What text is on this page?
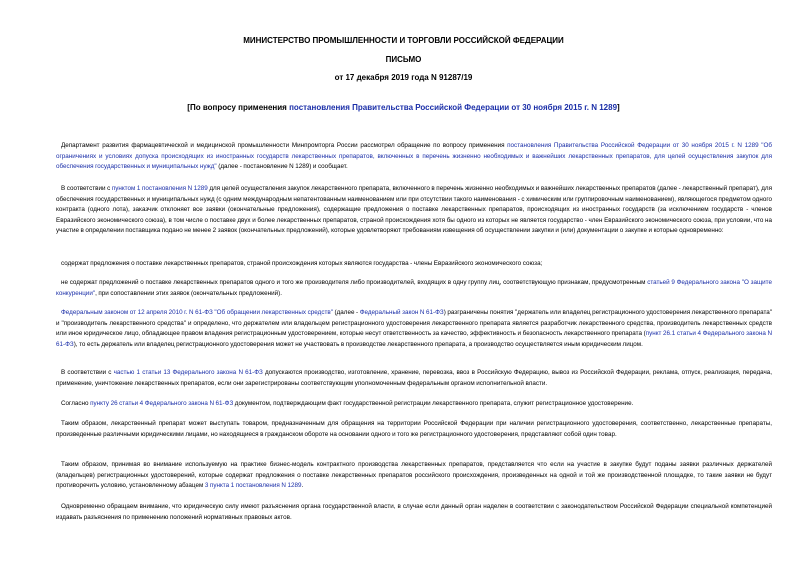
МИНИСТЕРСТВО ПРОМЫШЛЕННОСТИ И ТОРГОВЛИ РОССИЙСКОЙ ФЕДЕРАЦИИ
ПИСЬМО
от 17 декабря 2019 года N 91287/19
[По вопросу применения постановления Правительства Российской Федерации от 30 ноября 2015 г. N 1289]
Департамент развития фармацевтической и медицинской промышленности Минпромторга России рассмотрел обращение по вопросу применения постановления Правительства Российской Федерации от 30 ноября 2015 г. N 1289 "Об ограничениях и условиях допуска происходящих из иностранных государств лекарственных препаратов, включенных в перечень жизненно необходимых и важнейших лекарственных препаратов, для целей осуществления закупок для обеспечения государственных и муниципальных нужд" (далее - постановление N 1289) и сообщает.
В соответствии с пунктом 1 постановления N 1289 для целей осуществления закупок лекарственного препарата, включенного в перечень жизненно необходимых и важнейших лекарственных препаратов (далее - лекарственный препарат), для обеспечения государственных и муниципальных нужд (с одним международным непатентованным наименованием или при отсутствии такого наименования - с химическим или группировочным наименованием), являющегося предметом одного контракта (одного лота), заказчик отклоняет все заявки (окончательные предложения), содержащие предложения о поставке лекарственных препаратов, происходящих из иностранных государств (за исключением государств - членов Евразийского экономического союза), в том числе о поставке двух и более лекарственных препаратов, страной происхождения хотя бы одного из которых не является государство - член Евразийского экономического союза, при условии, что на участие в определении поставщика подано не менее 2 заявок (окончательных предложений), которые удовлетворяют требованиям извещения об осуществлении закупки и (или) документации о закупке и которые одновременно:
содержат предложения о поставке лекарственных препаратов, страной происхождения которых являются государства - члены Евразийского экономического союза;
не содержат предложений о поставке лекарственных препаратов одного и того же производителя либо производителей, входящих в одну группу лиц, соответствующую признакам, предусмотренным статьей 9 Федерального закона "О защите конкуренции", при сопоставлении этих заявок (окончательных предложений).
Федеральным законом от 12 апреля 2010 г. N 61-ФЗ "Об обращении лекарственных средств" (далее - Федеральный закон N 61-ФЗ) разграничены понятия "держатель или владелец регистрационного удостоверения лекарственного препарата" и "производитель лекарственного средства" и определено, что держателем или владельцем регистрационного удостоверения лекарственного препарата является разработчик лекарственного средства, производитель лекарственных средств или иное юридическое лицо, обладающее правом владения регистрационным удостоверением, которые несут ответственность за качество, эффективность и безопасность лекарственного препарата (пункт 26.1 статьи 4 Федерального закона N 61-ФЗ), то есть держатель или владелец регистрационного удостоверения может не участвовать в производстве лекарственного препарата, а производство осуществляется иным юридическим лицом.
В соответствии с частью 1 статьи 13 Федерального закона N 61-ФЗ допускаются производство, изготовление, хранение, перевозка, ввоз в Российскую Федерацию, вывоз из Российской Федерации, реклама, отпуск, реализация, передача, применение, уничтожение лекарственных препаратов, если они зарегистрированы соответствующим уполномоченным федеральным органом исполнительной власти.
Согласно пункту 26 статьи 4 Федерального закона N 61-ФЗ документом, подтверждающим факт государственной регистрации лекарственного препарата, служит регистрационное удостоверение.
Таким образом, лекарственный препарат может выступать товаром, предназначенным для обращения на территории Российской Федерации при наличии регистрационного удостоверения, соответственно, лекарственные препараты, произведенные различными юридическими лицами, но находящиеся в гражданском обороте на основании одного и того же регистрационного удостоверения, представляют собой один товар.
Таким образом, принимая во внимание используемую на практике бизнес-модель контрактного производства лекарственных препаратов, представляется что если на участие в закупке будут поданы заявки различных держателей (владельцев) регистрационных удостоверений, которые содержат предложения о поставке лекарственных препаратов российского происхождения, произведенных на одной и той же производственной площадке, то такие заявки не будут противоречить условию, установленному абзацем 3 пункта 1 постановления N 1289.
Одновременно обращаем внимание, что юридическую силу имеют разъяснения органа государственной власти, в случае если данный орган наделен в соответствии с законодательством Российской Федерации специальной компетенцией издавать разъяснения по применению положений нормативных правовых актов.
